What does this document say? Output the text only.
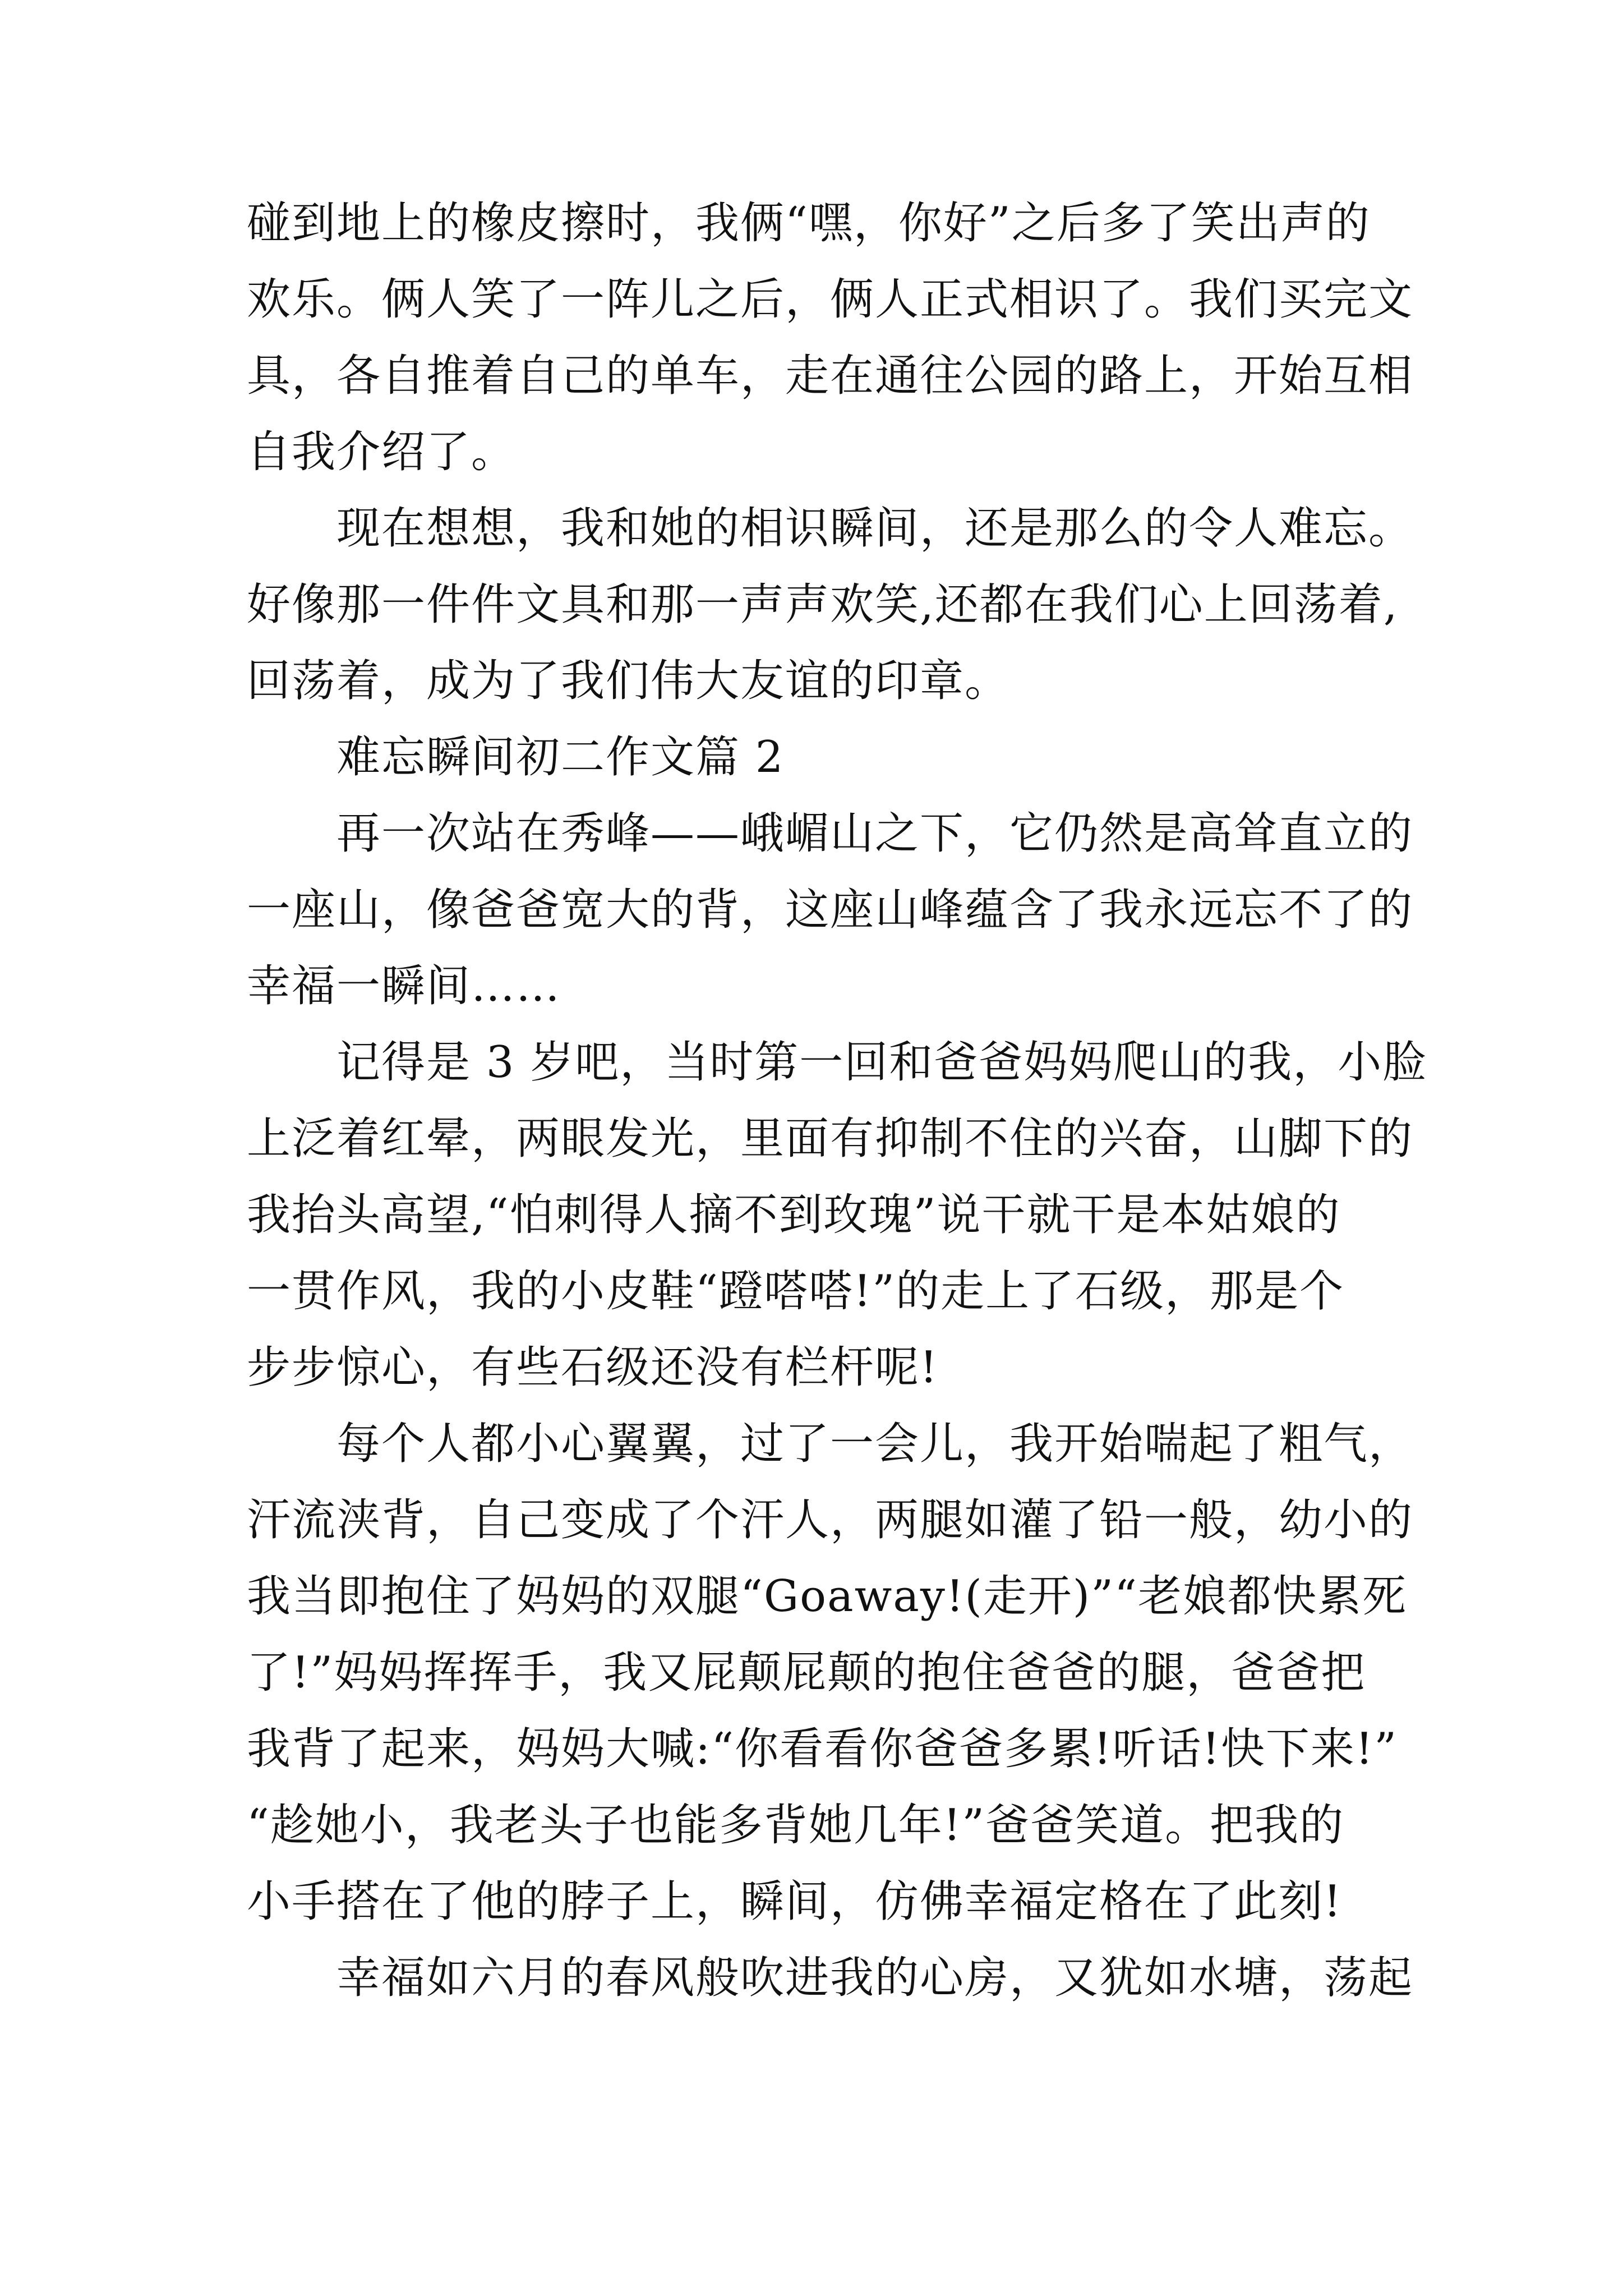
碰到地上的橡皮擦时，我俩“嘿，你好”之后多了笑出声的
欢乐。俩人笑了一阵儿之后，俩人正式相识了。我们买完文
具，各自推着自己的单车，走在通往公园的路上，开始互相
自我介绍了。
现在想想，我和她的相识瞬间，还是那么的令人难忘。
好像那一件件文具和那一声声欢笑,还都在我们心上回荡着,
回荡着，成为了我们伟大友谊的印章。
难忘瞬间初二作文篇 2
再一次站在秀峰——峨嵋山之下，它仍然是高耸直立的
一座山，像爸爸宽大的背，这座山峰蕴含了我永远忘不了的
幸福一瞬间……
记得是 3 岁吧，当时第一回和爸爸妈妈爬山的我，小脸
上泛着红晕，两眼发光，里面有抑制不住的兴奋，山脚下的
我抬头高望,“怕刺得人摘不到玫瑰”说干就干是本姑娘的
一贯作风，我的小皮鞋“蹬嗒嗒!”的走上了石级，那是个
步步惊心，有些石级还没有栏杆呢!
每个人都小心翼翼，过了一会儿，我开始喘起了粗气，
汗流浃背，自己变成了个汗人，两腿如灌了铅一般，幼小的
我当即抱住了妈妈的双腿“Goaway!(走开)”“老娘都快累死
了!”妈妈挥挥手，我又屁颠屁颠的抱住爸爸的腿，爸爸把
我背了起来，妈妈大喊:“你看看你爸爸多累!听话!快下来!”
“趁她小，我老头子也能多背她几年!”爸爸笑道。把我的
小手搭在了他的脖子上，瞬间，仿佛幸福定格在了此刻!
幸福如六月的春风般吹进我的心房，又犹如水塘，荡起
